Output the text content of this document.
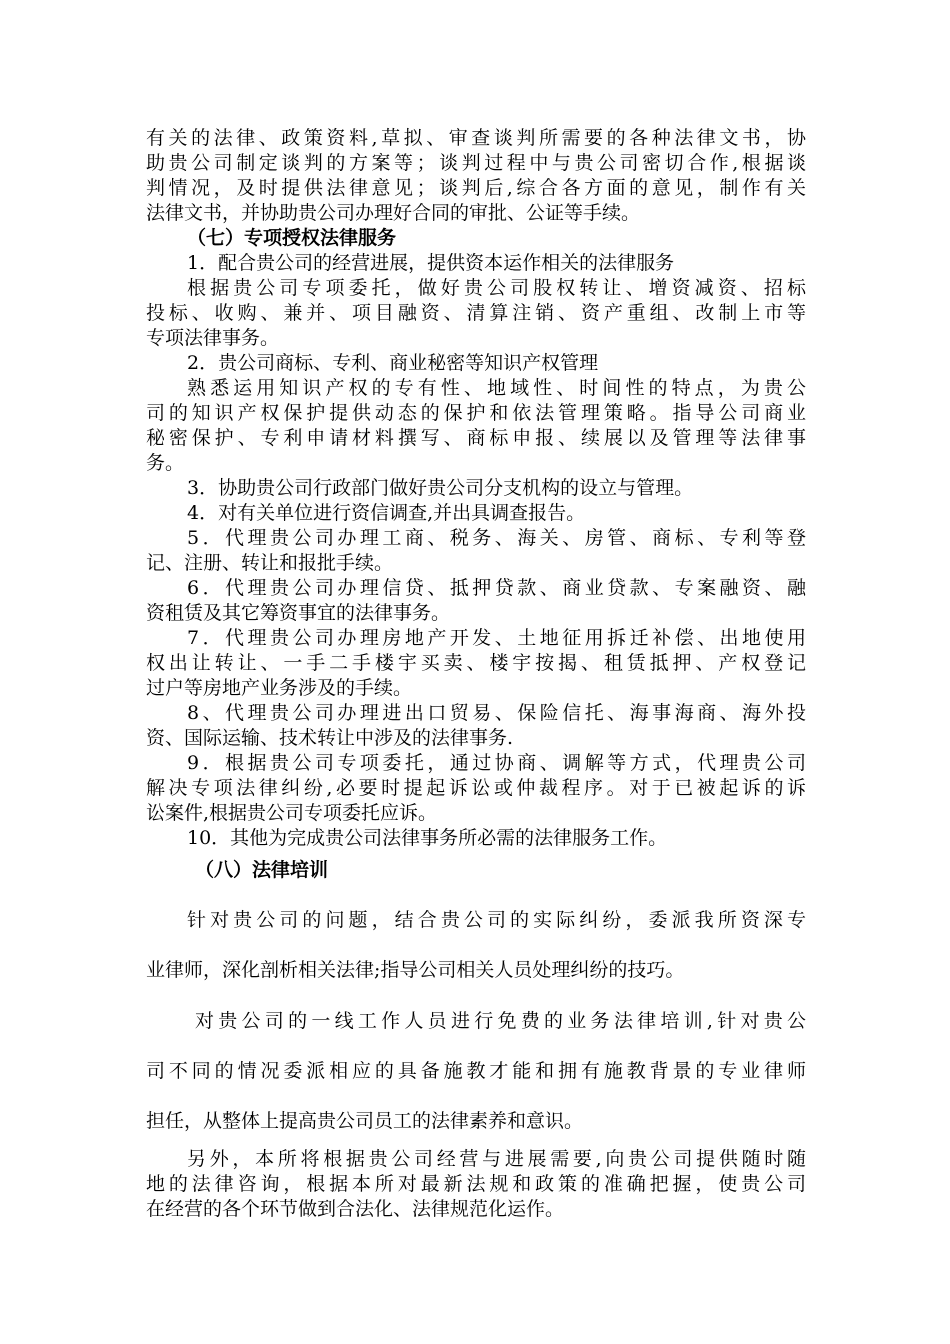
有关的法律、政策资料,草拟、审查谈判所需要的各种法律文书，协
助贵公司制定谈判的方案等；谈判过程中与贵公司密切合作,根据谈
判情况，及时提供法律意见；谈判后,综合各方面的意见，制作有关
法律文书，并协助贵公司办理好合同的审批、公证等手续。
（七）专项授权法律服务
1．配合贵公司的经营进展，提供资本运作相关的法律服务
根据贵公司专项委托，做好贵公司股权转让、增资减资、招标
投标、收购、兼并、项目融资、清算注销、资产重组、改制上市等
专项法律事务。
2．贵公司商标、专利、商业秘密等知识产权管理
熟悉运用知识产权的专有性、地域性、时间性的特点，为贵公
司的知识产权保护提供动态的保护和依法管理策略。指导公司商业
秘密保护、专利申请材料撰写、商标申报、续展以及管理等法律事
务。
3．协助贵公司行政部门做好贵公司分支机构的设立与管理。
4．对有关单位进行资信调查,并出具调查报告。
5．代理贵公司办理工商、税务、海关、房管、商标、专利等登
记、注册、转让和报批手续。
6．代理贵公司办理信贷、抵押贷款、商业贷款、专案融资、融
资租赁及其它筹资事宜的法律事务。
7．代理贵公司办理房地产开发、土地征用拆迁补偿、出地使用
权出让转让、一手二手楼宇买卖、楼宇按揭、租赁抵押、产权登记
过户等房地产业务涉及的手续。
8、代理贵公司办理进出口贸易、保险信托、海事海商、海外投
资、国际运输、技术转让中涉及的法律事务.
9．根据贵公司专项委托，通过协商、调解等方式，代理贵公司
解决专项法律纠纷,必要时提起诉讼或仲裁程序。对于已被起诉的诉
讼案件,根据贵公司专项委托应诉。
10．其他为完成贵公司法律事务所必需的法律服务工作。
（八）法律培训
针对贵公司的问题，结合贵公司的实际纠纷，委派我所资深专
业律师，深化剖析相关法律;指导公司相关人员处理纠纷的技巧。
对贵公司的一线工作人员进行免费的业务法律培训,针对贵公
司不同的情况委派相应的具备施教才能和拥有施教背景的专业律师
担任，从整体上提高贵公司员工的法律素养和意识。
另外，本所将根据贵公司经营与进展需要,向贵公司提供随时随
地的法律咨询，根据本所对最新法规和政策的准确把握，使贵公司
在经营的各个环节做到合法化、法律规范化运作。
